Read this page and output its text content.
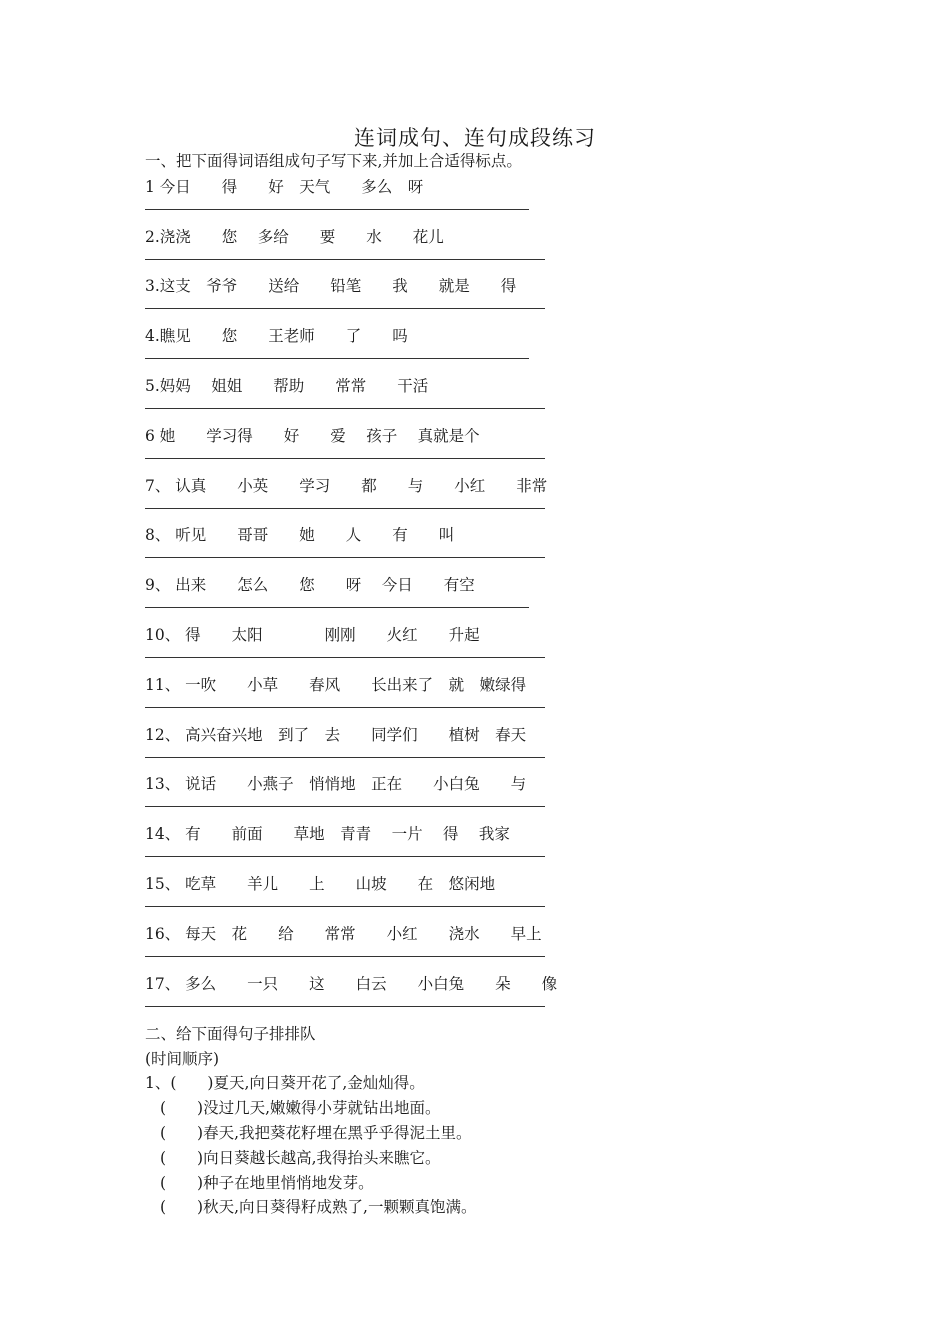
连词成句、连句成段练习
一、把下面得词语组成句子写下来,并加上合适得标点。
1 今日　　得　　好　天气　　多么　呀
2.浇浇　　您　 多给　　要　　水　　花儿
3.这支　爷爷　　送给　　铅笔　　我　　就是　　得
4.瞧见　　您　　王老师　　了　　吗
5.妈妈　 姐姐　　帮助　　常常　　干活
6 她　　学习得　　好　　爱　 孩子　 真就是个
7、 认真　　小英　　学习　　都　　与　　小红　　非常
8、 听见　　哥哥　　她　　人　　有　　叫
9、 出来　　怎么　　您　　呀　 今日　　有空
10、 得　　太阳　　　　刚刚　　火红　　升起
11、 一吹　　小草　　春风　　长出来了　就　嫩绿得
12、 高兴奋兴地　到了　去　　同学们　　植树　春天
13、 说话　　小燕子　悄悄地　正在　　小白兔　　与
14、 有　　前面　　草地　青青　 一片　 得　 我家
15、 吃草　　羊儿　　上　　山坡　　在　悠闲地
16、 每天　花　　给　　常常　　小红　　浇水　　早上
17、 多么　　一只　　这　　白云　　小白兔　　朵　　像
二、给下面得句子排排队
(时间顺序)
1、(　　)夏天,向日葵开花了,金灿灿得。
(　　)没过几天,嫩嫩得小芽就钻出地面。
(　　)春天,我把葵花籽埋在黑乎乎得泥土里。
(　　)向日葵越长越高,我得抬头来瞧它。
(　　)种子在地里悄悄地发芽。
(　　)秋天,向日葵得籽成熟了,一颗颗真饱满。
